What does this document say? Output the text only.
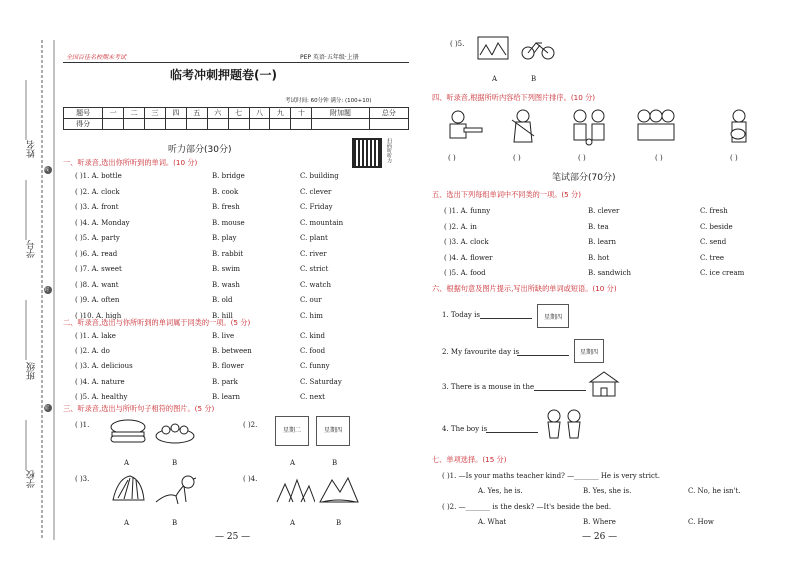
姓名
学号
班级
学校
线
封
密
全国百佳名校期末考试	PEP 英语·五年级·上册
临考冲刺押题卷(一)
考试时间: 60分钟 满分: (100+10)
题号	一	二	三	四	五	六	七	八	九	十	附加题	总分
得分												
扫码听听力
听力部分(30分)
一、听录音,选出你所听到的单词。(10 分)
( )1. A. bottle	B. bridge	C. building
( )2. A. clock	B. cook	C. clever
( )3. A. front	B. fresh	C. Friday
( )4. A. Monday	B. mouse	C. mountain
( )5. A. party	B. play	C. plant
( )6. A. read	B. rabbit	C. river
( )7. A. sweet	B. swim	C. strict
( )8. A. want	B. wash	C. watch
( )9. A. often	B. old	C. our
( )10. A. high	B. hill	C. him
二、听录音,选出与你所听到的单词属于同类的一项。(5 分)
( )1. A. lake	B. live	C. kind
( )2. A. do	B. between	C. food
( )3. A. delicious	B. flower	C. funny
( )4. A. nature	B. park	C. Saturday
( )5. A. healthy	B. learn	C. next
三、听录音,选出与所听句子相符的图片。(5 分)
( )1.
A	B
( )2.
星期二	星期四
A	B
( )3.
A	B
( )4.
A	B
— 25 —
( )5.
A	B
四、听录音,根据所听内容给下列图片排序。(10 分)
( )	( )	( )	( )	( )
笔试部分(70分)
五、选出下列每组单词中不同类的一项。(5 分)
( )1. A. funny	B. clever	C. fresh
( )2. A. in	B. tea	C. beside
( )3. A. clock	B. learn	C. send
( )4. A. flower	B. hot	C. tree
( )5. A. food	B. sandwich	C. ice cream
六、根据句意及图片提示,写出所缺的单词或短语。(10 分)
1. Today is	星期四
2. My favourite day is	星期四
3. There is a mouse in the
4. The boy is
七、单项选择。(15 分)
( )1. —Is your maths teacher kind? —_______ He is very strict.
A. Yes, he is.	B. Yes, she is.	C. No, he isn't.
( )2. —_______ is the desk? —It's beside the bed.
A. What	B. Where	C. How
— 26 —
